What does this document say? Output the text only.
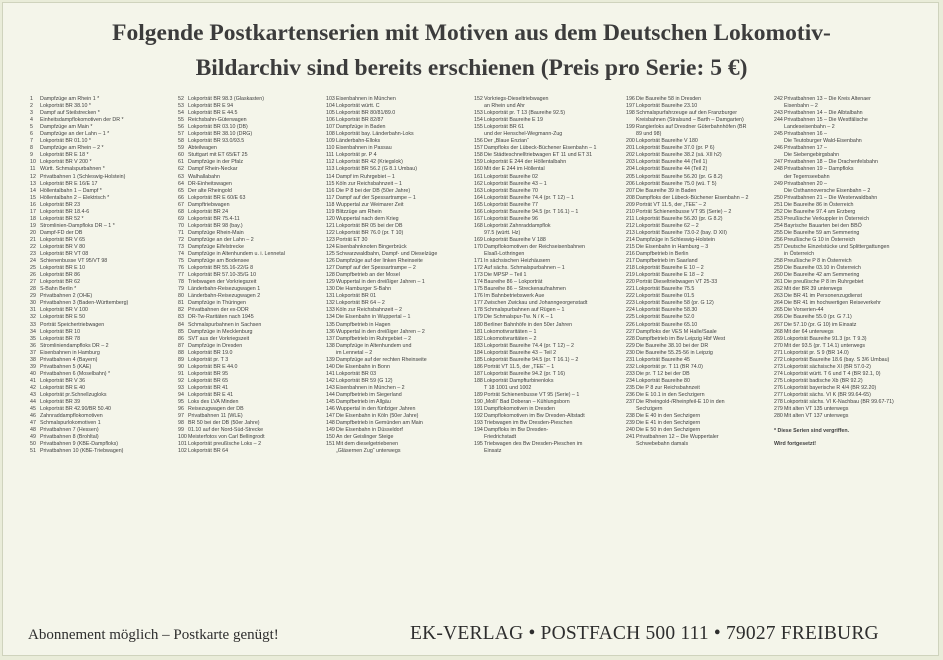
Folgende Postkartenserien mit Motiven aus dem Deutschen Lokomotiv-
Bildarchiv sind bereits erschienen (Preis pro Serie: 5 €)
1	Dampfzüge am Rhein 1 *
2	Lokporträt BR 38.10 *
3	Dampf auf Steilstrecken *
4	Einheitsdampflokomotiven der DR *
5	Dampfzüge am Main *
6	Dampfzüge an der Lahn – 1 *
7	Lokporträt BR 01.10 *
8	Dampfzüge am Rhein – 2 *
9	Lokporträt BR E 18 *
10 Lokporträt BR V 200 *
11 Württ. Schmalspurbahnen *
12 Privatbahnen 1 (Schleswig-Holstein)
13 Lokporträt BR E 16/E 17
14 Höllentalbahn 1 – Dampf *
15 Höllentalbahn 2 – Elektrisch *
16 Lokporträt BR 23
17 Lokporträt BR 18.4-6
18 Lokporträt BR 52 *
19 Stromlinien-Dampfloks DR – 1 *
20 Dampf-FD der DB
21 Lokporträt BR V 65
22 Lokporträt BR V 80
23 Lokporträt BR VT 08
24 Schienenbusse VT 95/VT 98
25 Lokporträt BR E 10
26 Lokporträt BR 86
27 Lokporträt BR 62
28 S-Bahn Berlin *
29 Privatbahnen 2 (OHE)
30 Privatbahnen 3 (Baden-Württemberg)
31 Lokporträt BR V 100
32 Lokporträt BR E 50
33 Porträt Speichertriebwagen
34 Lokporträt BR 10
35 Lokporträt BR 78
36 Stromliniendampfloks DR – 2
37 Eisenbahnen in Hamburg
38 Privatbahnen 4 (Bayern)
39 Privatbahnen 5 (KAE)
40 Privatbahnen 6 (Moselbahn) *
41 Lokporträt BR V 36
42 Lokporträt BR E 40
43 Lokporträt pr.Schnellzugloks
44 Lokporträt BR 39
45 Lokporträt BR 42.90/BR 50.40
46 Zahnraddampflokomotiven
47 Schmalspurlokomotiven 1
48 Privatbahnen 7 (Hessen)
49 Privatbahnen 8 (Brohltal)
50 Privatbahnen 9 (KBE-Dampfloks)
51 Privatbahnen 10 (KBE-Triebwagen)
52 Lokporträt BR 98.3 (Glaskasten)
53 Lokporträt BR E 94
54 Lokporträt BR E 44.5
55 Reichsbahn-Güterwagen
56 Lokporträt BR 03.10 (DB)
57 Lokporträt BR 38.10 (DRG)
58 Lokporträt BR 93.0/93.5
59 Abteilwagen
60 Stuttgart mit ET 65/ET 25
61 Dampfzüge in der Pfalz
62 Dampf Rhein-Neckar
63 Walhallabahn
64 DR-Einheitswagen
65 Der alte Rheingold
66 Lokporträt BR E 60/E 63
67 Dampftriebwagen
68 Lokporträt BR 24
69 Lokporträt BR 75.4-11
70 Lokporträt BR 98 (bay.)
71 Dampfzüge Rhein-Main
72 Dampfzüge an der Lahn – 2
73 Dampfzüge Eifelstrecke
74 Dampfzüge in Altenhundem u. i. Lennetal
75 Dampfzüge am Bodensee
76 Lokporträt BR 55.16-22/G 8
77 Lokporträt BR 57.10-35/G 10
78 Triebwagen der Vorkriegszeit
79 Länderbahn-Reisezugwagen 1
80 Länderbahn-Reisezugwagen 2
81 Dampfzüge in Thüringen
82 Privatbahnen der ex-DDR
83 DR-Tw-Raritäten nach 1945
84 Schmalspurbahnen in Sachsen
85 Dampfzüge in Mecklenburg
86 SVT aus der Vorkriegszeit
87 Dampfzüge in Dresden
88 Lokporträt BR 19.0
89 Lokporträt pr. T 3
90 Lokporträt BR E 44.0
91 Lokporträt BR 95
92 Lokporträt BR 65
93 Lokporträt BR 41
94 Lokporträt BR E 41
95 Loks des LVA Minden
96 Reisezugwagen der DB
97 Privatbahnen 11 (WLE)
98 BR 50 bei der DB (50er Jahre)
99 01.10 auf der Nord-Süd-Strecke
100 Meisterfotos von Carl Bellingrodt
101 Lokporträt preußische Loks – 2
102 Lokporträt BR 64
103 Eisenbahnen in München
104 Lokporträt württ. C
105 Lokporträt BR 80/81/89.0
106 Lokporträt BR 82/87
107 Dampfzüge in Baden
108 Lokporträt bay. Länderbahn-Loks
109 Länderbahn-Elloks
110 Eisenbahnen in Passau
111 Lokporträt pr. P 4
112 Lokporträt BR 42 (Kriegslok)
113 Lokporträt BR 56.2 (G 8.1 Umbau)
114 Dampf im Ruhrgebiet – 1
115 Köln zur Reichsbahnzeit – 1
116 Die P 8 bei der DB (50er Jahre)
117 Dampf auf der Spessartrampe – 1
118 Wuppertal zur Weimarer Zeit
119 Blitzzüge am Rhein
120 Wuppertal nach dem Krieg
121 Lokporträt BR 05 bei der DB
122 Lokporträt BR 76.0 (pr. T 10)
123 Porträt ET 30
124 Eisenbahnknoten Bingerbrück
125 Schwarzwaldbahn, Dampf- und Dieselzüge
126 Dampfzüge auf der linken Rheinseite
127 Dampf auf der Spessartrampe – 2
128 Dampfbetrieb an der Mosel
129 Wuppertal in den dreißiger Jahren – 1
130 Die Hamburger S-Bahn
131 Lokporträt BR 01
132 Lokporträt BR 64 – 2
133 Köln zur Reichsbahnzeit – 2
134 Die Eisenbahn in Wuppertal – 1
135 Dampfbetrieb in Hagen
136 Wuppertal in den dreißiger Jahren – 2
137 Dampfbetrieb im Ruhrgebiet – 2
138 Dampfzüge in Altenhundem und
im Lennetal – 2
139 Dampfzüge auf der rechten Rheinseite
140 Die Eisenbahn in Bonn
141 Lokporträt BR 03
142 Lokporträt BR 59 (G 12)
143 Eisenbahnen in München – 2
144 Dampfbetrieb im Siegerland
145 Dampfbetrieb im Allgäu
146 Wuppertal in den fünfziger Jahren
147 Die Eisenbahn in Köln (50er Jahre)
148 Dampfbetrieb in Gemünden am Main
149 Die Eisenbahn in Düsseldorf
150 An der Geislinger Steige
151 Mit dem dieselgetriebenen
„Gläsernen Zug“ unterwegs
152 Vorkriegs-Dieseltriebwagen
an Rhein und Ahr
153 Lokporträt pr. T 13 (Baureihe 92.5)
154 Lokporträt Baureihe E 19
155 Lokporträt BR 61
und der Henschel-Wegmann-Zug
156 Der „Blaue Enzian“
157 Dampfloks der Lübeck-Büchener Eisenbahn – 1
158 Die Städteschnelltriebwagen ET 11 und ET 31
159 Lokporträt E 244 der Höllentalbahn
160 Mit der E 244 im Höllental
161 Lokporträt Baureihe 02
162 Lokporträt Baureihe 43 – 1
163 Lokporträt Baureihe 70
164 Lokporträt Baureihe 74.4 (pr. T 12) – 1
165 Lokporträt Baureihe 77
166 Lokporträt Baureihe 94.5 (pr. T 16.1) – 1
167 Lokporträt Baureihe 96
168 Lokporträt Zahnraddampflok
97.5 (württ. Hz)
169 Lokporträt Baureihe V 188
170 Dampflokomotiven der Reichseisenbahnen
Elsaß-Lothringen
171 In sächsischen Heizhäusern
172 Auf sächs. Schmalspurbahnen – 1
173 Die MPSP – Teil 1
174 Baureihe 86 – Lokporträt
175 Baureihe 86 – Streckenaufnahmen
176 Im Bahnbetriebswerk Aue
177 Zwischen Zwickau und Johanngeorgenstadt
178 Schmalspurbahnen auf Rügen – 1
179 Die Schmalspur-Tw. N / K – 1
180 Berliner Bahnhöfe in den 50er Jahren
181 Lokomotivraritäten – 1
182 Lokomotivraritäten – 2
183 Lokporträt Baureihe 74.4 (pr. T 12) – 2
184 Lokporträt Baureihe 43 – Teil 2
185 Lokporträt Baureihe 94.5 (pr. T 16.1) – 2
186 Porträt VT 11.5, der „TEE“ – 1
187 Lokporträt Baureihe 94.2 (pr. T 16)
188 Lokporträt Dampfturbinenloks
T 18 1001 und 1002
189 Porträt Schienenbusse VT 95 (Serie) – 1
190 „Molli“ Bad Doberan – Kühlungsborn
191 Dampflokomotiven in Dresden
192 Dampflokomotiven im Bw Dresden-Altstadt
193 Triebwagen im Bw Dresden-Pieschen
194 Dampfloks im Bw Dresden-
Friedrichstadt
195 Triebwagen des Bw Dresden-Pieschen im
Einsatz
196 Die Baureihe 58 in Dresden
197 Lokporträt Baureihe 23.10
198 Schmalspurfahrzeuge auf den Franzburger
Kreisbahnen (Stralsund – Barth – Damgarten)
199 Rangierloks auf Dresdner Güterbahnhöfen (BR
89 und 98)
200 Lokporträt Baureihe V 180
201 Lokporträt Baureihe 37.0 (pr. P 6)
202 Lokporträt Baureihe 38.2 (sä. XII h2)
203 Lokporträt Baureihe 44 (Teil 1)
204 Lokporträt Baureihe 44 (Teil 2)
205 Lokporträt Baureihe 56.20 (pr. G 8.2)
206 Lokporträt Baureihe 75.0 (wü. T 5)
207 Die Baureihe 39 in Baden
208 Dampfloks der Lübeck-Büchener Eisenbahn – 2
209 Porträt VT 11.5, der „TEE“ – 2
210 Porträt Schienenbusse VT 95 (Serie) – 2
211 Lokporträt Baureihe 56.20 (pr. G 8.2)
212 Lokporträt Baureihe 62 – 2
213 Lokporträt Baureihe 73.0-2 (bay. D XII)
214 Dampfzüge in Schleswig-Holstein
215 Die Eisenbahn in Hamburg – 3
216 Dampfbetrieb in Berlin
217 Dampfbetrieb im Saarland
218 Lokporträt Baureihe E 10 – 2
219 Lokporträt Baureihe E 18 – 2
220 Porträt Dieseltriebwagen VT 25-33
221 Lokporträt Baureihe 75.5
222 Lokporträt Baureihe 01.5
223 Lokporträt Baureihe 58 (pr. G 12)
224 Lokporträt Baureihe 58.30
225 Lokporträt Baureihe 52.0
226 Lokporträt Baureihe 65.10
227 Dampfloks der VES M Halle/Saale
228 Dampfbetrieb im Bw Leipzig Hbf West
229 Die Baureihe 38.10 bei der DR
230 Die Baureihe 55.25-56 in Leipzig
231 Lokporträt Baureihe 45
232 Lokporträt pr. T 11 (BR 74.0)
233 Die pr. T 12 bei der DB
234 Lokporträt Baureihe 80
235 Die P 8 zur Reichsbahnzeit
236 Die E 10.1 in den Sechzigern
237 Die Rheingold-/Rheinpfeil-E 10 in den
Sechzigern
238 Die E 40 in den Sechzigern
239 Die E 41 in den Sechzigern
240 Die E 50 in den Sechzigern
241 Privatbahnen 12 – Die Wuppertaler
Schwebebahn damals
242 Privatbahnen 13 – Die Kreis Altenaer
Eisenbahn – 2
243 Privatbahnen 14 – Die Albtalbahn
244 Privatbahnen 15 – Die Westfälische
Landeseisenbahn – 2
245 Privatbahnen 16 –
Die Teutoburger Wald-Eisenbahn
246 Privatbahnen 17 –
Die Siebengebirgsbahn
247 Privatbahnen 18 – Die Drachenfelsbahn
248 Privatbahnen 19 – Dampfloks
der Tegernseebahn
249 Privatbahnen 20 –
Die Osthannoversche Eisenbahn – 2
250 Privatbahnen 21 – Die Westerwaldbahn
251 Die Baureihe 86 in Österreich
252 Die Baureihe 97.4 am Erzberg
253 Preußische Verkuppler in Österreich
254 Bayrische Bauarten bei den BBÖ
255 Die Baureihe 59 am Semmering
256 Preußische G 10 in Österreich
257 Deutsche Einzelstücke und Splittergattungen
in Österreich
258 Preußische P 8 in Österreich
259 Die Baureihe 03.10 in Österreich
260 Die Baureihe 42 am Semmering
261 Die preußische P 8 im Ruhrgebiet
262 Mit der BR 39 unterwegs
263 Die BR 41 im Personenzugdienst
264 Die BR 41 im hochwertigen Reiseverkehr
265 Die Vorserien-44
266 Die Baureihe 55.0 (pr. G 7.1)
267 Die 57.10 (pr. G 10) im Einsatz
268 Mit der 64 unterwegs
269 Lokporträt Baureihe 91.3 (pr. T 9.3)
270 Mit der 93.5 (pr. T 14.1) unterwegs
271 Lokporträt pr. S 9 (BR 14.0)
272 Lokporträt Baureihe 18.6 (bay. S 3/6 Umbau)
273 Lokporträt sächsische XI (BR 57.0-2)
274 Lokporträt württ. T 6 und T 4 (BR 92.1, 0)
275 Lokporträt badische Xb (BR 92.2)
276 Lokporträt bayerische R 4/4 (BR 92.20)
277 Lokporträt sächs. VI K (BR 99.64-65)
278 Lokporträt sächs. VI K-Nachbau (BR 99.67-71)
279 Mit alten VT 135 unterwegs
280 Mit alten VT 137 unterwegs
* Diese Serien sind vergriffen.
Wird fortgesetzt!
Abonnement möglich – Postkarte genügt!	EK-VERLAG • POSTFACH 500 111 • 79027 FREIBURG
